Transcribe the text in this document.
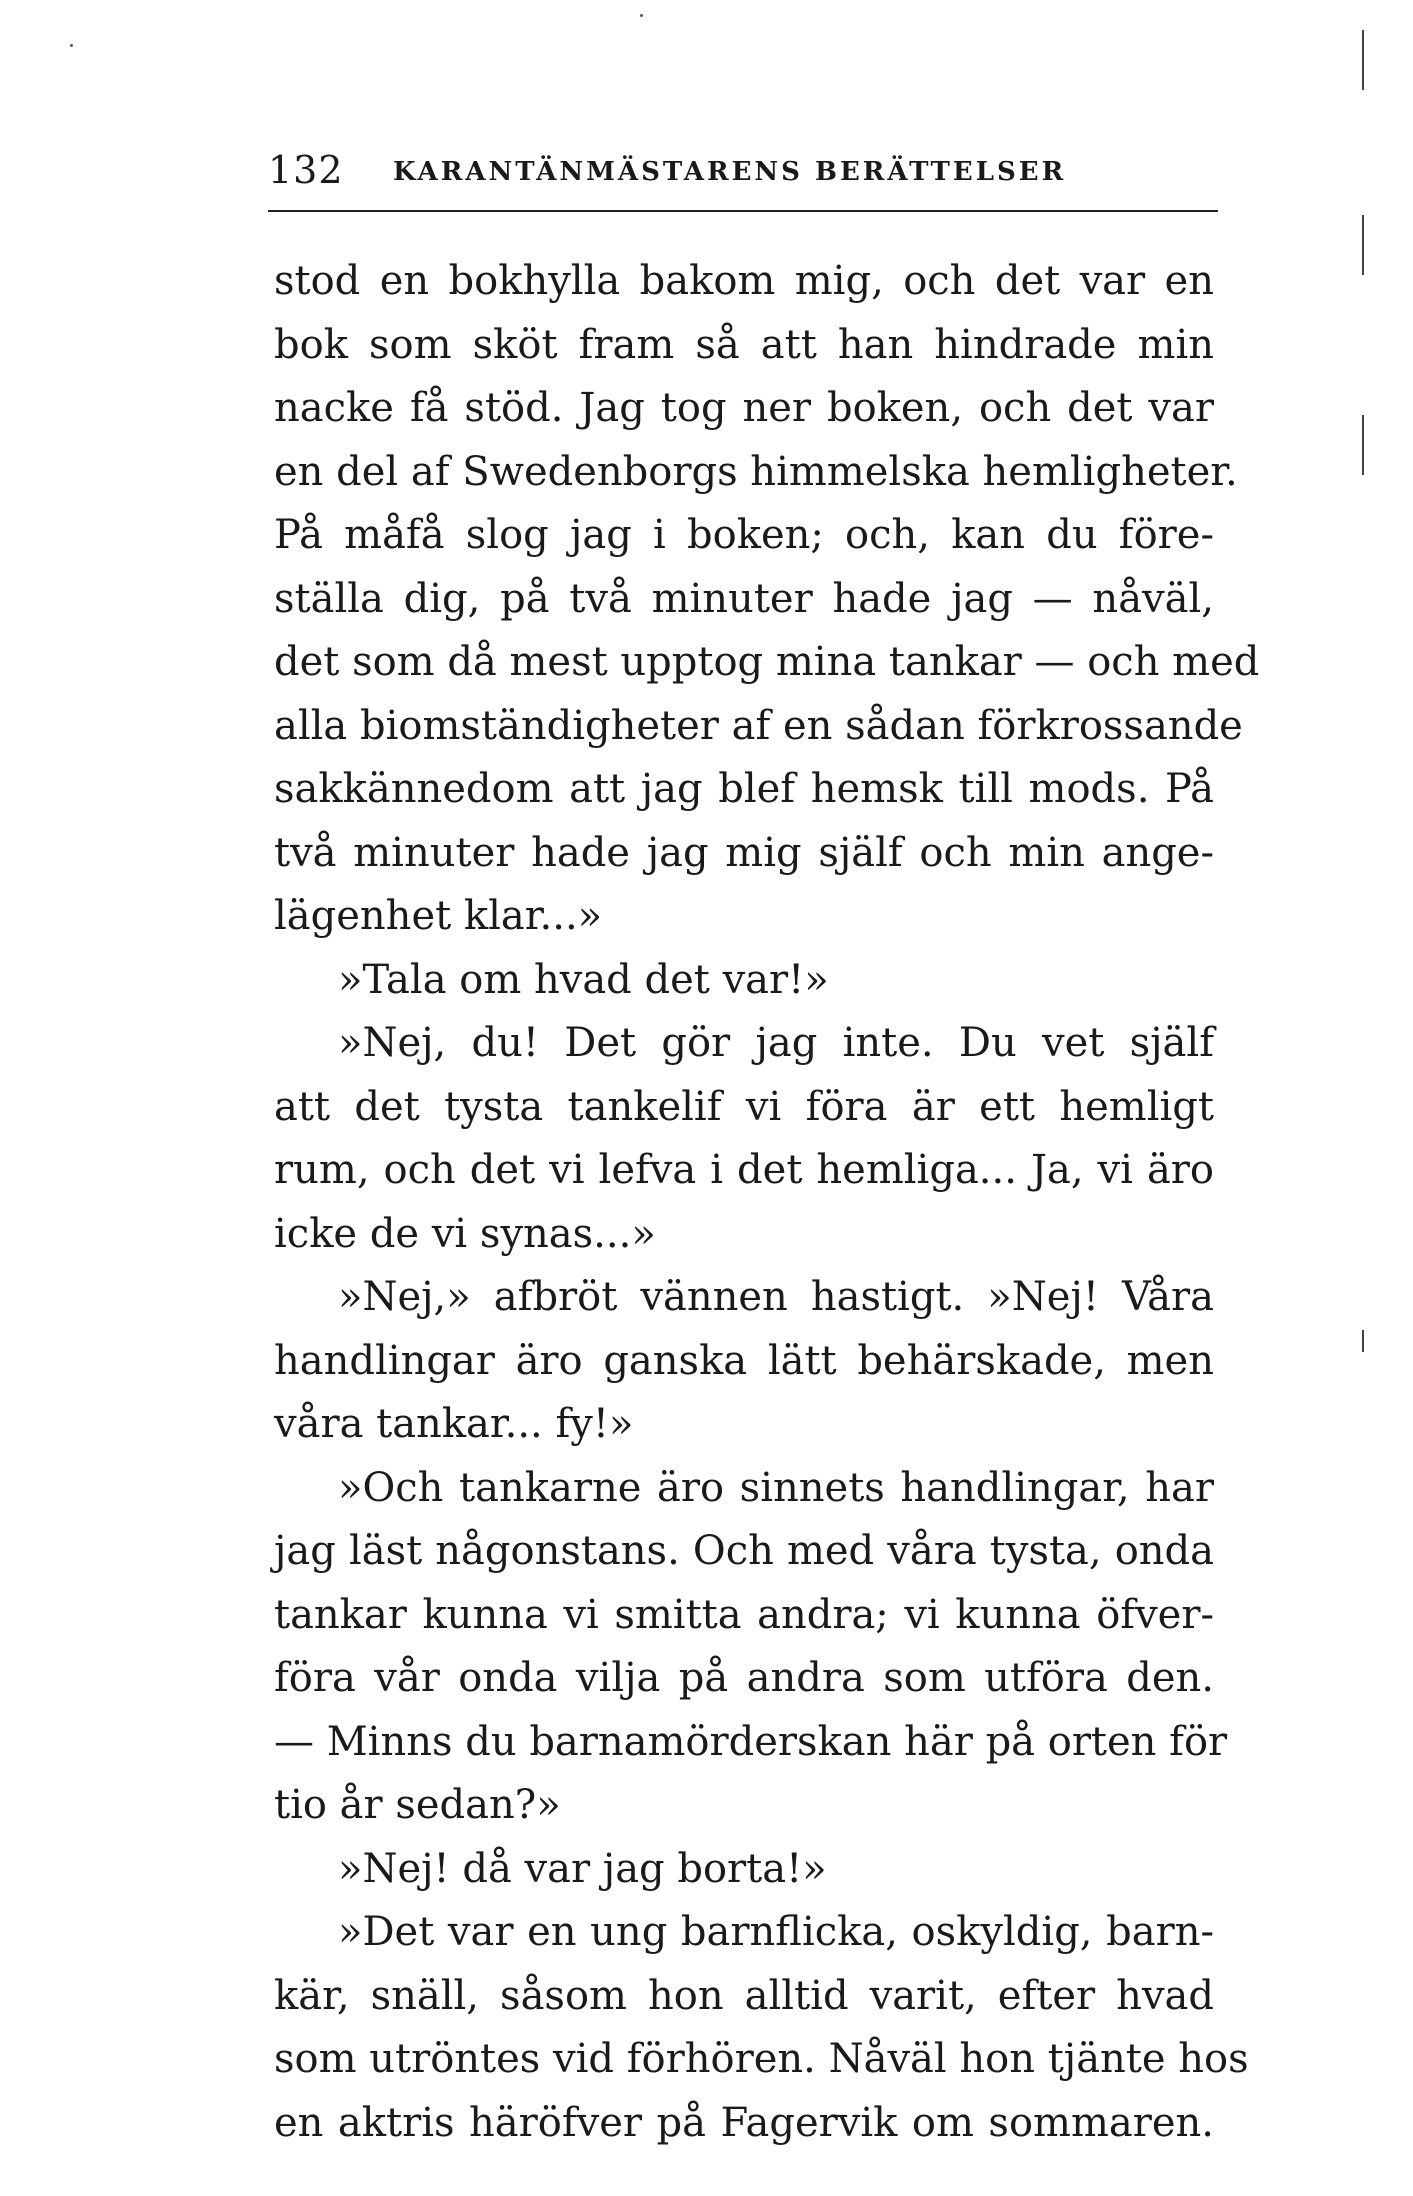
132 KARANTÄNMÄSTARENS BERÄTTELSER
stod en bokhylla bakom mig, och det var en
bok som sköt fram så att han hindrade min
nacke få stöd. Jag tog ner boken, och det var
en del af Swedenborgs himmelska hemligheter.
På måfå slog jag i boken; och, kan du före-
ställa dig, på två minuter hade jag — nåväl,
det som då mest upptog mina tankar — och med
alla biomständigheter af en sådan förkrossande
sakkännedom att jag blef hemsk till mods. På
två minuter hade jag mig själf och min ange-
lägenhet klar...»
»Tala om hvad det var!»
»Nej, du! Det gör jag inte. Du vet själf
att det tysta tankelif vi föra är ett hemligt
rum, och det vi lefva i det hemliga... Ja, vi äro
icke de vi synas...»
»Nej,» afbröt vännen hastigt. »Nej! Våra
handlingar äro ganska lätt behärskade, men
våra tankar... fy!»
»Och tankarne äro sinnets handlingar, har
jag läst någonstans. Och med våra tysta, onda
tankar kunna vi smitta andra; vi kunna öfver-
föra vår onda vilja på andra som utföra den.
— Minns du barnamörderskan här på orten för
tio år sedan?»
»Nej! då var jag borta!»
»Det var en ung barnflicka, oskyldig, barn-
kär, snäll, såsom hon alltid varit, efter hvad
som utröntes vid förhören. Nåväl hon tjänte hos
en aktris häröfver på Fagervik om sommaren.
